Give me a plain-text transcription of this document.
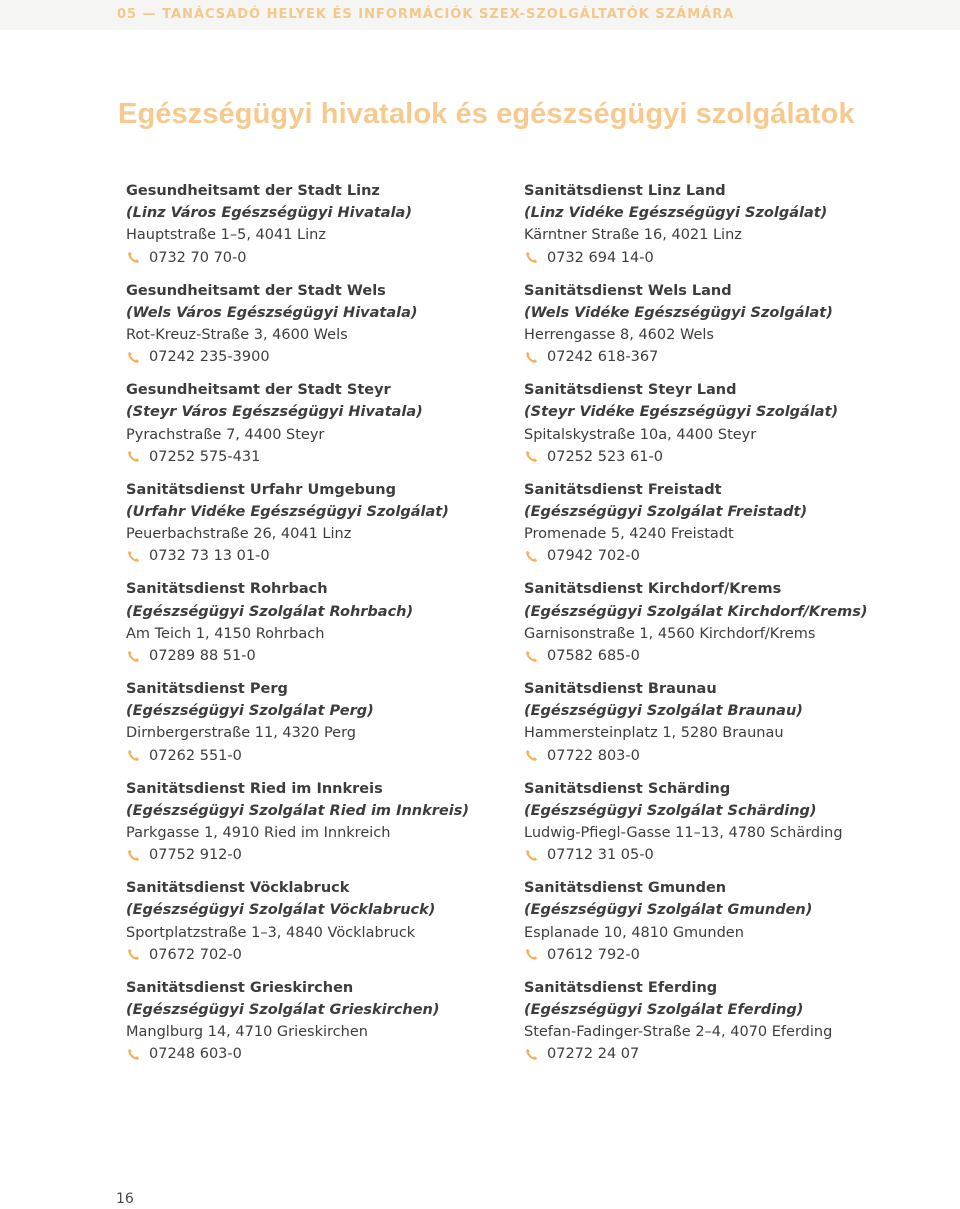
05 — TANÁCSADÓ HELYEK ÉS INFORMÁCIÓK SZEX-SZOLGÁLTATÓK SZÁMÁRA
Egészségügyi hivatalok és egészségügyi szolgálatok
Gesundheitsamt der Stadt Linz
(Linz Város Egészségügyi Hivatala)
Hauptstraße 1–5, 4041 Linz
0732 70 70-0
Gesundheitsamt der Stadt Wels
(Wels Város Egészségügyi Hivatala)
Rot-Kreuz-Straße 3, 4600 Wels
07242 235-3900
Gesundheitsamt der Stadt Steyr
(Steyr Város Egészségügyi Hivatala)
Pyrachstraße 7, 4400 Steyr
07252 575-431
Sanitätsdienst Urfahr Umgebung
(Urfahr Vidéke Egészségügyi Szolgálat)
Peuerbachstraße 26, 4041 Linz
0732 73 13 01-0
Sanitätsdienst Rohrbach
(Egészségügyi Szolgálat Rohrbach)
Am Teich 1, 4150 Rohrbach
07289 88 51-0
Sanitätsdienst Perg
(Egészségügyi Szolgálat Perg)
Dirnbergerstraße 11, 4320 Perg
07262 551-0
Sanitätsdienst Ried im Innkreis
(Egészségügyi Szolgálat Ried im Innkreis)
Parkgasse 1, 4910 Ried im Innkreich
07752 912-0
Sanitätsdienst Vöcklabruck
(Egészségügyi Szolgálat Vöcklabruck)
Sportplatzstraße 1–3, 4840 Vöcklabruck
07672 702-0
Sanitätsdienst Grieskirchen
(Egészségügyi Szolgálat Grieskirchen)
Manglburg 14, 4710 Grieskirchen
07248 603-0
Sanitätsdienst Linz Land
(Linz Vidéke Egészségügyi Szolgálat)
Kärntner Straße 16, 4021 Linz
0732 694 14-0
Sanitätsdienst Wels Land
(Wels Vidéke Egészségügyi Szolgálat)
Herrengasse 8, 4602 Wels
07242 618-367
Sanitätsdienst Steyr Land
(Steyr Vidéke Egészségügyi Szolgálat)
Spitalskystraße 10a, 4400 Steyr
07252 523 61-0
Sanitätsdienst Freistadt
(Egészségügyi Szolgálat Freistadt)
Promenade 5, 4240 Freistadt
07942 702-0
Sanitätsdienst Kirchdorf/Krems
(Egészségügyi Szolgálat Kirchdorf/Krems)
Garnisonstraße 1, 4560 Kirchdorf/Krems
07582 685-0
Sanitätsdienst Braunau
(Egészségügyi Szolgálat Braunau)
Hammersteinplatz 1, 5280 Braunau
07722 803-0
Sanitätsdienst Schärding
(Egészségügyi Szolgálat Schärding)
Ludwig-Pfiegl-Gasse 11–13, 4780 Schärding
07712 31 05-0
Sanitätsdienst Gmunden
(Egészségügyi Szolgálat Gmunden)
Esplanade 10, 4810 Gmunden
07612 792-0
Sanitätsdienst Eferding
(Egészségügyi Szolgálat Eferding)
Stefan-Fadinger-Straße 2–4, 4070 Eferding
07272 24 07
16
